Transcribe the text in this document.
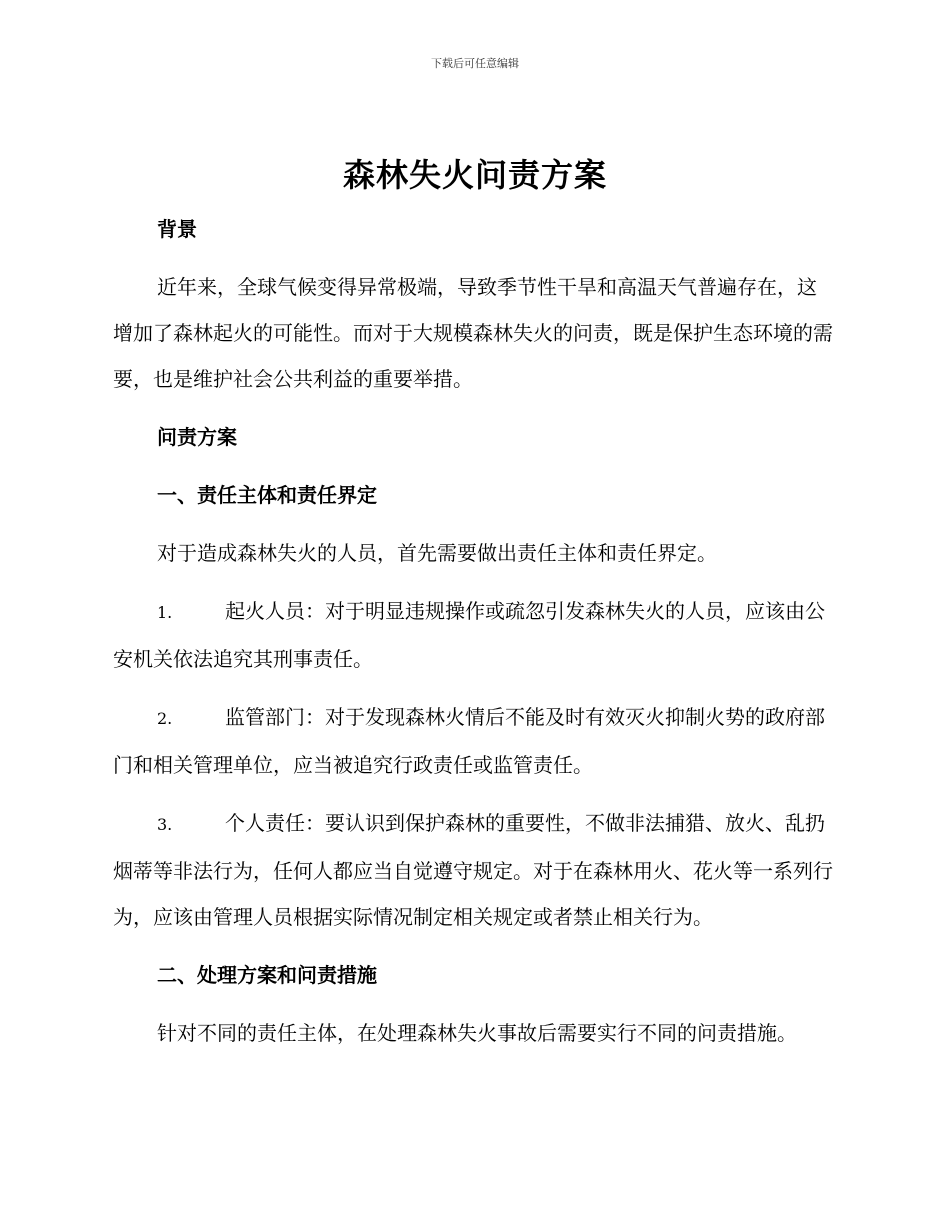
下载后可任意编辑
森林失火问责方案
背景
近年来，全球气候变得异常极端，导致季节性干旱和高温天气普遍存在，这增加了森林起火的可能性。而对于大规模森林失火的问责，既是保护生态环境的需要，也是维护社会公共利益的重要举措。
问责方案
一、责任主体和责任界定
对于造成森林失火的人员，首先需要做出责任主体和责任界定。
1.	起火人员：对于明显违规操作或疏忽引发森林失火的人员，应该由公安机关依法追究其刑事责任。
2.	监管部门：对于发现森林火情后不能及时有效灭火抑制火势的政府部门和相关管理单位，应当被追究行政责任或监管责任。
3.	个人责任：要认识到保护森林的重要性，不做非法捕猎、放火、乱扔烟蒂等非法行为，任何人都应当自觉遵守规定。对于在森林用火、花火等一系列行为，应该由管理人员根据实际情况制定相关规定或者禁止相关行为。
二、处理方案和问责措施
针对不同的责任主体，在处理森林失火事故后需要实行不同的问责措施。
